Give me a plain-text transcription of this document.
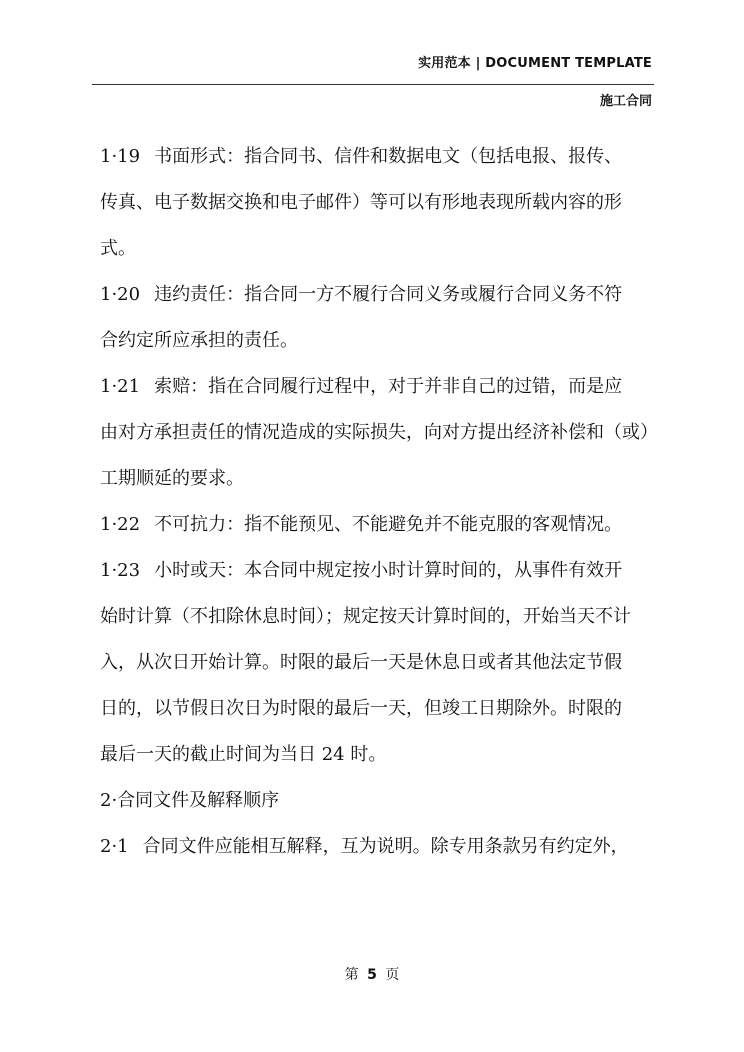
实用范本 | DOCUMENT TEMPLATE
施工合同
1·19 书面形式：指合同书、信件和数据电文（包括电报、报传、
传真、电子数据交换和电子邮件）等可以有形地表现所载内容的形
式。
1·20 违约责任：指合同一方不履行合同义务或履行合同义务不符
合约定所应承担的责任。
1·21 索赔：指在合同履行过程中，对于并非自己的过错，而是应
由对方承担责任的情况造成的实际损失，向对方提出经济补偿和（或）
工期顺延的要求。
1·22 不可抗力：指不能预见、不能避免并不能克服的客观情况。
1·23 小时或天：本合同中规定按小时计算时间的，从事件有效开
始时计算（不扣除休息时间）；规定按天计算时间的，开始当天不计
入，从次日开始计算。时限的最后一天是休息日或者其他法定节假
日的，以节假日次日为时限的最后一天，但竣工日期除外。时限的
最后一天的截止时间为当日 24 时。
2·合同文件及解释顺序
2·1 合同文件应能相互解释，互为说明。除专用条款另有约定外，
第 5 页
